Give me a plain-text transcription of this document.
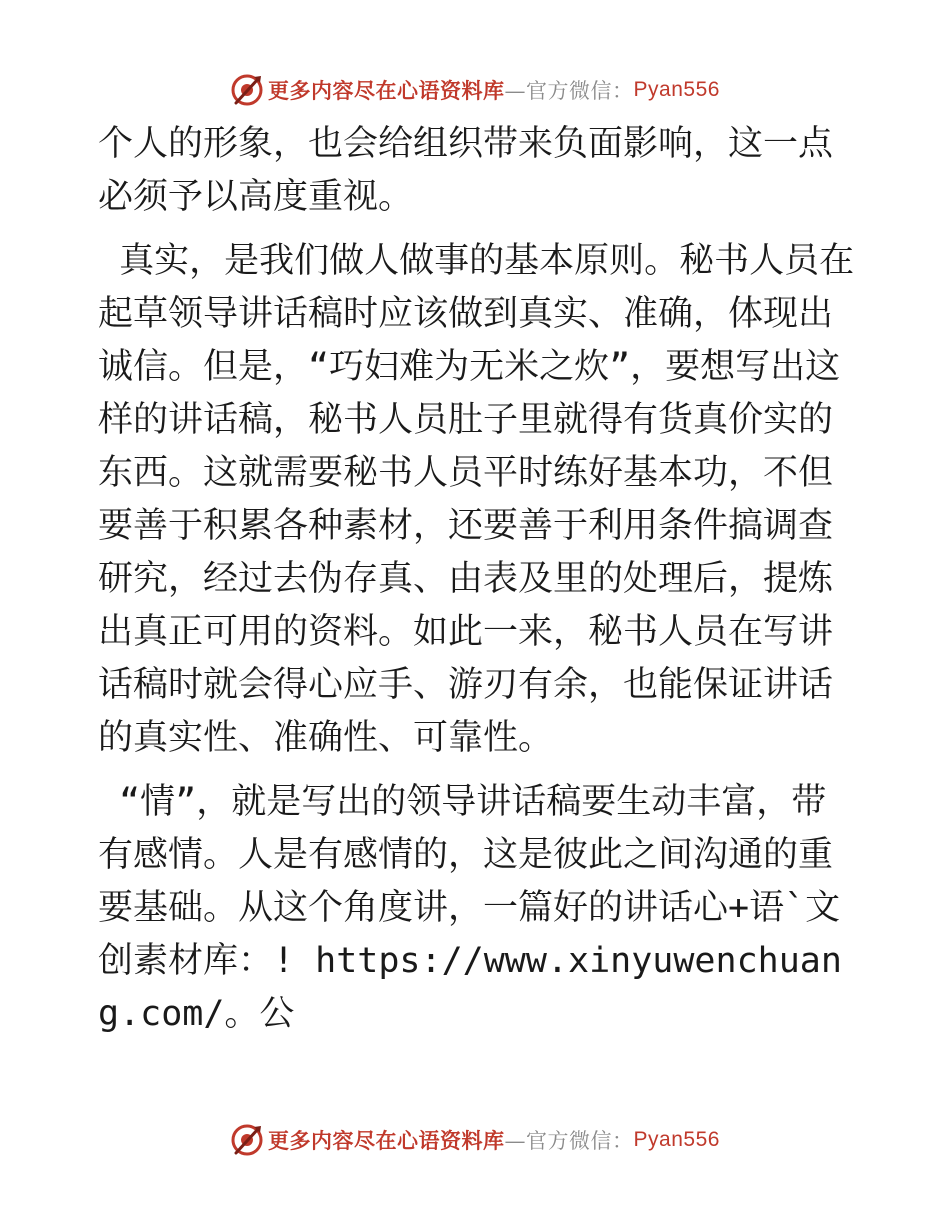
更多内容尽在心语资料库 —官方微信： Pyan556

个人的形象，也会给组织带来负面影响，这一点必须予以高度重视。

真实，是我们做人做事的基本原则。秘书人员在起草领导讲话稿时应该做到真实、准确，体现出诚信。但是，“巧妇难为无米之炊”，要想写出这样的讲话稿，秘书人员肚子里就得有货真价实的东西。这就需要秘书人员平时练好基本功，不但要善于积累各种素材，还要善于利用条件搞调查研究，经过去伪存真、由表及里的处理后，提炼出真正可用的资料。如此一来，秘书人员在写讲话稿时就会得心应手、游刃有余，也能保证讲话的真实性、准确性、可靠性。

“情”，就是写出的领导讲话稿要生动丰富，带有感情。人是有感情的，这是彼此之间沟通的重要基础。从这个角度讲，一篇好的讲话心+语`文创素材库：! https://www.xinyuwenchuang.com/。公

更多内容尽在心语资料库 —官方微信： Pyan556
